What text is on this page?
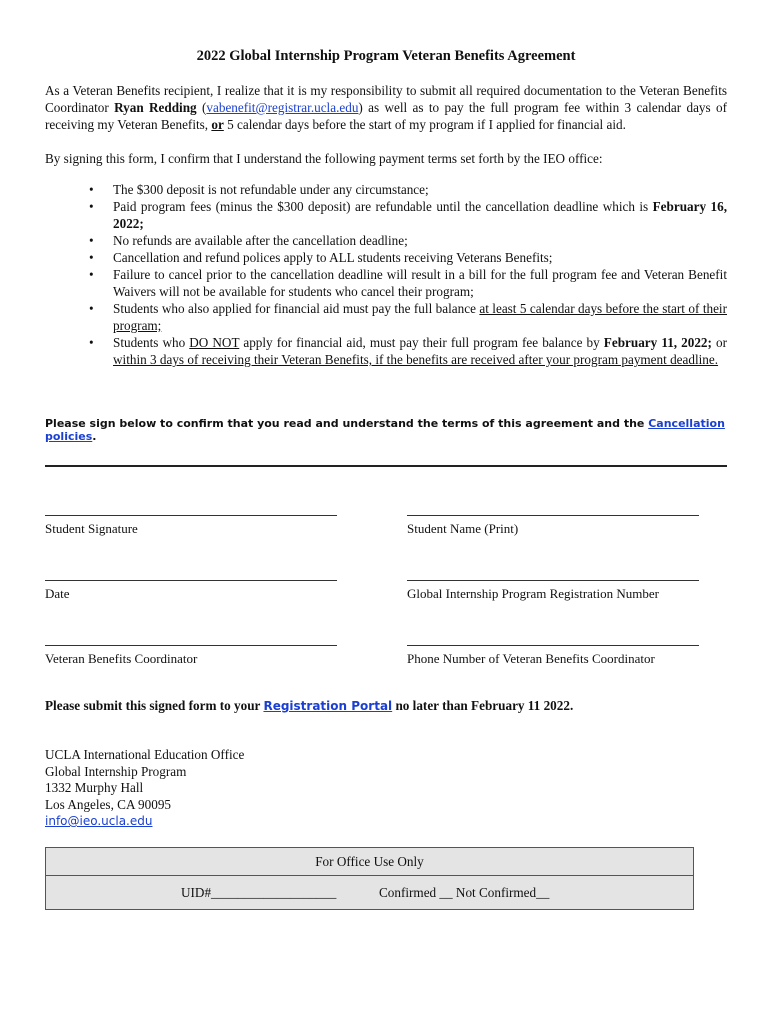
2022 Global Internship Program Veteran Benefits Agreement
As a Veteran Benefits recipient, I realize that it is my responsibility to submit all required documentation to the Veteran Benefits Coordinator Ryan Redding (vabenefit@registrar.ucla.edu) as well as to pay the full program fee within 3 calendar days of receiving my Veteran Benefits, or 5 calendar days before the start of my program if I applied for financial aid.
By signing this form, I confirm that I understand the following payment terms set forth by the IEO office:
• The $300 deposit is not refundable under any circumstance;
• Paid program fees (minus the $300 deposit) are refundable until the cancellation deadline which is February 16, 2022;
• No refunds are available after the cancellation deadline;
• Cancellation and refund polices apply to ALL students receiving Veterans Benefits;
• Failure to cancel prior to the cancellation deadline will result in a bill for the full program fee and Veteran Benefit Waivers will not be available for students who cancel their program;
• Students who also applied for financial aid must pay the full balance at least 5 calendar days before the start of their program;
• Students who DO NOT apply for financial aid, must pay their full program fee balance by February 11, 2022; or within 3 days of receiving their Veteran Benefits, if the benefits are received after your program payment deadline.
Please sign below to confirm that you read and understand the terms of this agreement and the Cancellation policies.
Student Signature	Student Name (Print)
Date	Global Internship Program Registration Number
Veteran Benefits Coordinator	Phone Number of Veteran Benefits Coordinator
Please submit this signed form to your Registration Portal no later than February 11 2022.
UCLA International Education Office
Global Internship Program
1332 Murphy Hall
Los Angeles, CA 90095
info@ieo.ucla.edu
For Office Use Only
UID#___________________	Confirmed __ Not Confirmed__
